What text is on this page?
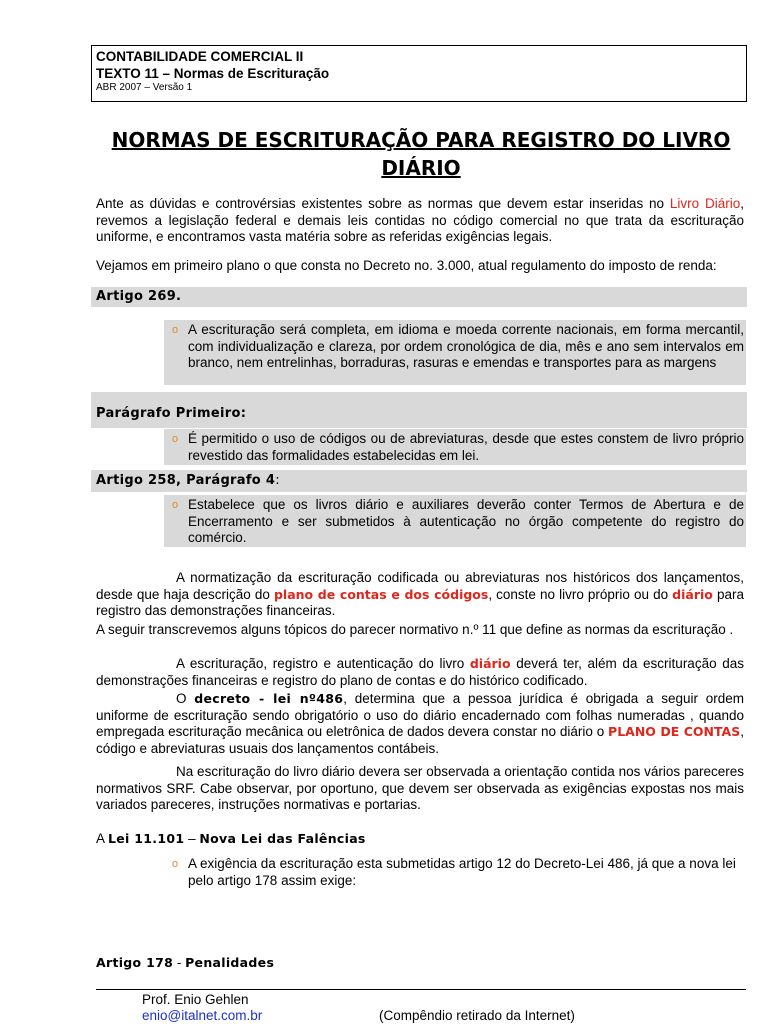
CONTABILIDADE COMERCIAL II
TEXTO 11 – Normas de Escrituração
ABR 2007 – Versão 1
NORMAS DE ESCRITURAÇÃO PARA REGISTRO DO LIVRO DIÁRIO
Ante as dúvidas e controvérsias existentes sobre as normas que devem estar inseridas no Livro Diário, revemos a legislação federal e demais leis contidas no código comercial no que trata da escrituração uniforme, e encontramos vasta matéria sobre as referidas exigências legais.
Vejamos em primeiro plano o que consta no Decreto no. 3.000, atual regulamento do imposto de renda:
Artigo 269.
o A escrituração será completa, em idioma e moeda corrente nacionais, em forma mercantil, com individualização e clareza, por ordem cronológica de dia, mês e ano sem intervalos em branco, nem entrelinhas, borraduras, rasuras e emendas e transportes para as margens
Parágrafo Primeiro:
o É permitido o uso de códigos ou de abreviaturas, desde que estes constem de livro próprio revestido das formalidades estabelecidas em lei.
Artigo 258, Parágrafo 4:
o Estabelece que os livros diário e auxiliares deverão conter Termos de Abertura e de Encerramento e ser submetidos à autenticação no órgão competente do registro do comércio.
A normatização da escrituração codificada ou abreviaturas nos históricos dos lançamentos, desde que haja descrição do plano de contas e dos códigos, conste no livro próprio ou do diário para registro das demonstrações financeiras.
A seguir transcrevemos alguns tópicos do parecer normativo n.º 11 que define as normas da escrituração .
A escrituração, registro e autenticação do livro diário deverá ter, além da escrituração das demonstrações financeiras e registro do plano de contas e do histórico codificado.
O decreto - lei nº486, determina que a pessoa jurídica é obrigada a seguir ordem uniforme de escrituração sendo obrigatório o uso do diário encadernado com folhas numeradas , quando empregada escrituração mecânica ou eletrônica de dados devera constar no diário o PLANO DE CONTAS, código e abreviaturas usuais dos lançamentos contábeis.
Na escrituração do livro diário devera ser observada a orientação contida nos vários pareceres normativos SRF. Cabe observar, por oportuno, que devem ser observada as exigências expostas nos mais variados pareceres, instruções normativas e portarias.
A Lei 11.101 – Nova Lei das Falências
o A exigência da escrituração esta submetidas artigo 12 do Decreto-Lei 486, já que a nova lei pelo artigo 178 assim exige:
Artigo 178 - Penalidades
Prof. Enio Gehlen
enio@italnet.com.br	(Compêndio retirado da Internet)
